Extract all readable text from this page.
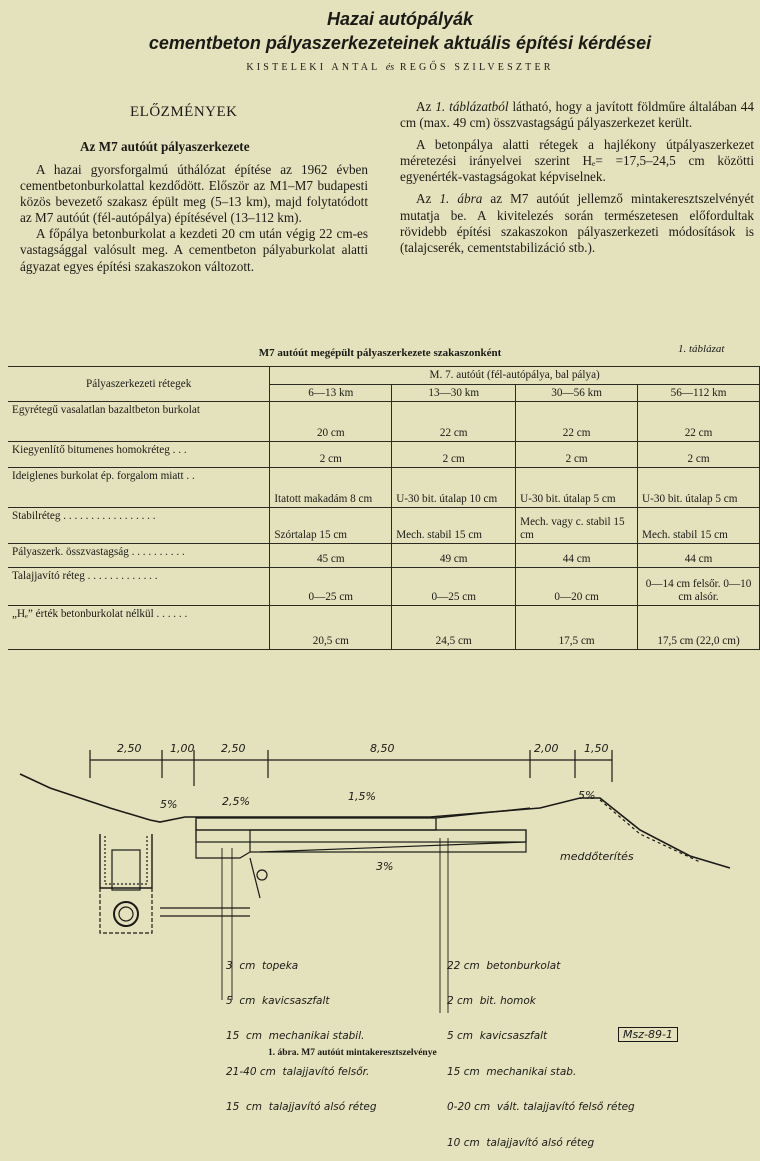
Hazai autópályák
cementbeton pályaszerkezeteinek aktuális építési kérdései
KISTELEKI ANTAL és REGŐS SZILVESZTER
ELŐZMÉNYEK
Az M7 autóút pályaszerkezete

A hazai gyorsforgalmú úthálózat építése az 1962 évben cementbetonburkolattal kezdődött. Először az M1–M7 budapesti közös bevezető szakasz épült meg (5–13 km), majd folytatódott az M7 autóút (fél-autópálya) építésével (13–112 km).

A főpálya betonburkolat a kezdeti 20 cm után végig 22 cm-es vastagsággal valósult meg. A cementbeton pályaburkolat alatti ágyazat egyes építési szakaszokon változott.

Az 1. táblázatból látható, hogy a javított földműre általában 44 cm (max. 49 cm) összvastagságú pályaszerkezet került.

A betonpálya alatti rétegek a hajlékony útpályaszerkezet méretezési irányelvei szerint Hₑ= =17,5–24,5 cm közötti egyenérték-vastagságokat képviselnek.

Az 1. ábra az M7 autóút jellemző mintakeresztszelvényét mutatja be. A kivitelezés során természetesen előfordultak rövidebb építési szakaszokon pályaszerkezeti módosítások is (talajcserék, cementstabilizáció stb.).

M7 autóút megépült pályaszerkezete szakaszonként	1. táblázat
Pályaszerkezeti rétegek	M. 7. autóút (fél-autópálya, bal pálya)			
	6—13 km	13—30 km	30—56 km	56—112 km
Egyrétegű vasalatlan bazaltbeton burkolat	20 cm	22 cm	22 cm	22 cm
Kiegyenlítő bitumenes homokréteg . . .	2 cm	2 cm	2 cm	2 cm
Ideiglenes burkolat ép. forgalom miatt . .	Itatott makadám 8 cm	U-30 bit. útalap 10 cm	U-30 bit. útalap 5 cm	U-30 bit. útalap 5 cm
Stabilréteg . . . . . . . . . . . . . . . . .	Szórtalap 15 cm	Mech. stabil 15 cm	Mech. vagy c. stabil 15 cm	Mech. stabil 15 cm
Pályaszerk. összvastagság . . . . . . . . . .	45 cm	49 cm	44 cm	44 cm
Talajjavító réteg . . . . . . . . . . . . .	0—25 cm	0—25 cm	0—20 cm	0—14 cm felsőr. 0—10 cm alsór.
„Hₑ” érték betonburkolat nélkül . . . . . .	20,5 cm	24,5 cm	17,5 cm	17,5 cm (22,0 cm)
2,50	1,00 2,50	8,50	2,00 1,50
5%	2,5%	1,5%	5%
3%
meddőterítés

3  cm  topeka

5  cm  kavicsaszfalt

15  cm  mechanikai stabil.

21-40 cm  talajjavító felsőr.

15  cm  talajjavító alsó réteg

22 cm  betonburkolat

2 cm  bit. homok

5 cm  kavicsaszfalt

15 cm  mechanikai stab.

0-20 cm  vált. talajjavító felső réteg

10 cm  talajjavító alsó réteg

Msz-89-1
1. ábra. M7 autóút mintakeresztszelvénye
